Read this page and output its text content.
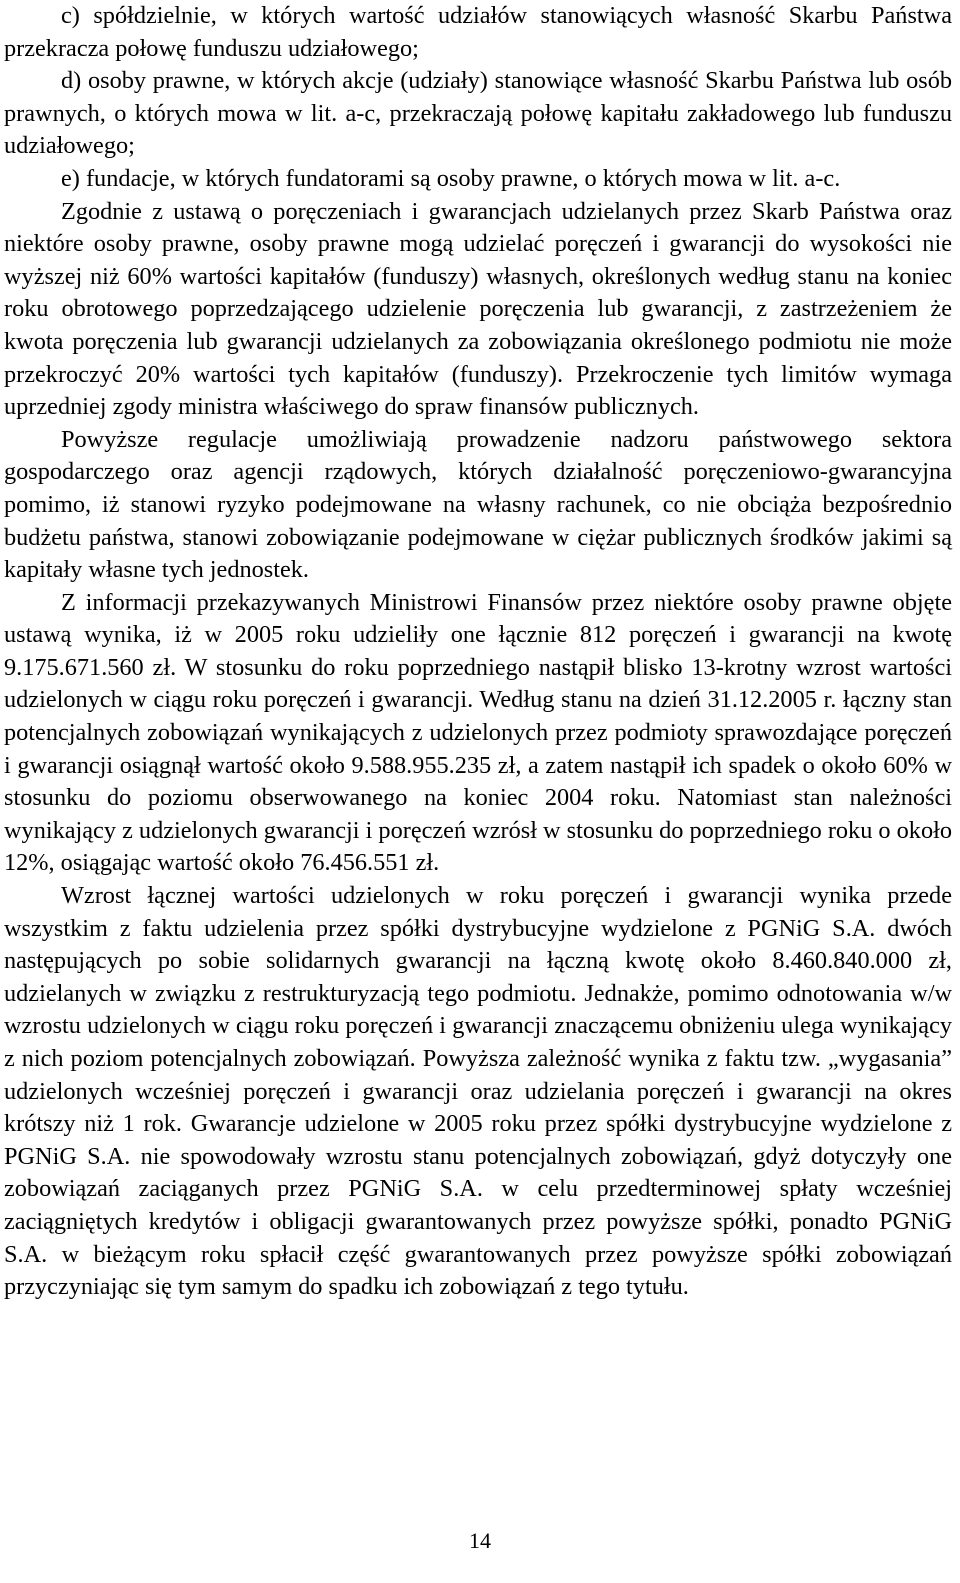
c) spółdzielnie, w których wartość udziałów stanowiących własność Skarbu Państwa przekracza połowę funduszu udziałowego;

d) osoby prawne, w których akcje (udziały) stanowiące własność Skarbu Państwa lub osób prawnych, o których mowa w lit. a-c, przekraczają połowę kapitału zakładowego lub funduszu udziałowego;

e) fundacje, w których fundatorami są osoby prawne, o których mowa w lit. a-c.

Zgodnie z ustawą o poręczeniach i gwarancjach udzielanych przez Skarb Państwa oraz niektóre osoby prawne, osoby prawne mogą udzielać poręczeń i gwarancji do wysokości nie wyższej niż 60% wartości kapitałów (funduszy) własnych, określonych według stanu na koniec roku obrotowego poprzedzającego udzielenie poręczenia lub gwarancji, z zastrzeżeniem że kwota poręczenia lub gwarancji udzielanych za zobowiązania określonego podmiotu nie może przekroczyć 20% wartości tych kapitałów (funduszy). Przekroczenie tych limitów wymaga uprzedniej zgody ministra właściwego do spraw finansów publicznych.

Powyższe regulacje umożliwiają prowadzenie nadzoru państwowego sektora gospodarczego oraz agencji rządowych, których działalność poręczeniowo-gwarancyjna pomimo, iż stanowi ryzyko podejmowane na własny rachunek, co nie obciąża bezpośrednio budżetu państwa, stanowi zobowiązanie podejmowane w ciężar publicznych środków jakimi są kapitały własne tych jednostek.

Z informacji przekazywanych Ministrowi Finansów przez niektóre osoby prawne objęte ustawą wynika, iż w 2005 roku udzieliły one łącznie 812 poręczeń i gwarancji na kwotę 9.175.671.560 zł. W stosunku do roku poprzedniego nastąpił blisko 13-krotny wzrost wartości udzielonych w ciągu roku poręczeń i gwarancji. Według stanu na dzień 31.12.2005 r. łączny stan potencjalnych zobowiązań wynikających z udzielonych przez podmioty sprawozdające poręczeń i gwarancji osiągnął wartość około 9.588.955.235 zł, a zatem nastąpił ich spadek o około 60% w stosunku do poziomu obserwowanego na koniec 2004 roku. Natomiast stan należności wynikający z udzielonych gwarancji i poręczeń wzrósł w stosunku do poprzedniego roku o około 12%, osiągając wartość około 76.456.551 zł.

Wzrost łącznej wartości udzielonych w roku poręczeń i gwarancji wynika przede wszystkim z faktu udzielenia przez spółki dystrybucyjne wydzielone z PGNiG S.A. dwóch następujących po sobie solidarnych gwarancji na łączną kwotę około 8.460.840.000 zł, udzielanych w związku z restrukturyzacją tego podmiotu. Jednakże, pomimo odnotowania w/w wzrostu udzielonych w ciągu roku poręczeń i gwarancji znaczącemu obniżeniu ulega wynikający z nich poziom potencjalnych zobowiązań. Powyższa zależność wynika z faktu tzw. „wygasania” udzielonych wcześniej poręczeń i gwarancji oraz udzielania poręczeń i gwarancji na okres krótszy niż 1 rok. Gwarancje udzielone w 2005 roku przez spółki dystrybucyjne wydzielone z PGNiG S.A. nie spowodowały wzrostu stanu potencjalnych zobowiązań, gdyż dotyczyły one zobowiązań zaciąganych przez PGNiG S.A. w celu przedterminowej spłaty wcześniej zaciągniętych kredytów i obligacji gwarantowanych przez powyższe spółki, ponadto PGNiG S.A. w bieżącym roku spłacił część gwarantowanych przez powyższe spółki zobowiązań przyczyniając się tym samym do spadku ich zobowiązań z tego tytułu.

14
